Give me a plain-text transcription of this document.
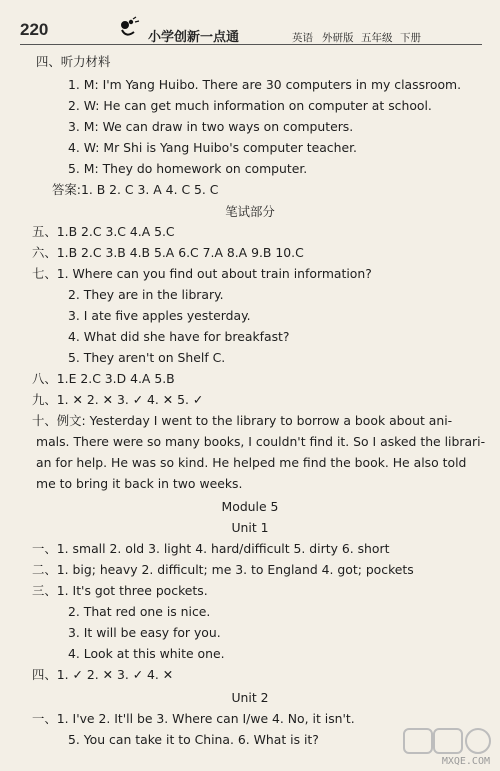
220	小学创新一点通	英语 外研版 五年级 下册
四、听力材料
1. M: I'm Yang Huibo. There are 30 computers in my classroom.
2. W: He can get much information on computer at school.
3. M: We can draw in two ways on computers.
4. W: Mr Shi is Yang Huibo's computer teacher.
5. M: They do homework on computer.
答案:1. B 2. C 3. A 4. C 5. C
笔试部分
五、1.B 2.C 3.C 4.A 5.C
六、1.B 2.C 3.B 4.B 5.A 6.C 7.A 8.A 9.B 10.C
七、1. Where can you find out about train information?
2. They are in the library.
3. I ate five apples yesterday.
4. What did she have for breakfast?
5. They aren't on Shelf C.
八、1.E 2.C 3.D 4.A 5.B
九、1. ✕ 2. ✕ 3. ✓ 4. ✕ 5. ✓
十、例文: Yesterday I went to the library to borrow a book about ani-
mals. There were so many books, I couldn't find it. So I asked the librari-
an for help. He was so kind. He helped me find the book. He also told
me to bring it back in two weeks.
Module 5
Unit 1
一、1. small 2. old 3. light 4. hard/difficult 5. dirty 6. short
二、1. big; heavy 2. difficult; me 3. to England 4. got; pockets
三、1. It's got three pockets.
2. That red one is nice.
3. It will be easy for you.
4. Look at this white one.
四、1. ✓ 2. ✕ 3. ✓ 4. ✕
Unit 2
一、1. I've 2. It'll be 3. Where can I/we 4. No, it isn't.
5. You can take it to China. 6. What is it?
MXQE.COM
